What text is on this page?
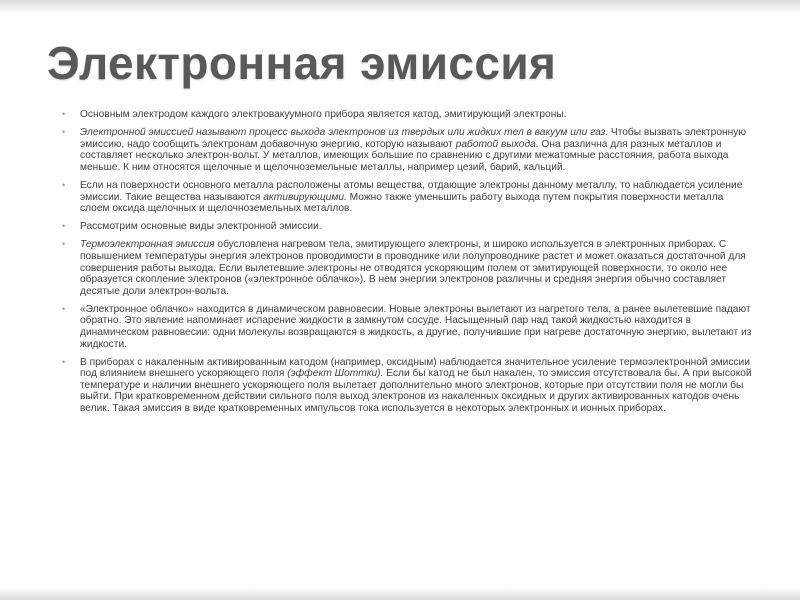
Электронная эмиссия
• Основным электродом каждого электровакуумного прибора является катод, эмитирующий электроны.
• Электронной эмиссией называют процесс выхода электронов из твердых или жидких тел в вакуум или газ. Чтобы вызвать электронную эмиссию, надо сообщить электронам добавочную энергию, которую называют работой выхода. Она различна для разных металлов и составляет несколько электрон-вольт. У металлов, имеющих большие по сравнению с другими межатомные расстояния, работа выхода меньше. К ним относятся щелочные и щелочноземельные металлы, например цезий, барий, кальций.
• Если на поверхности основного металла расположены атомы вещества, отдающие электроны данному металлу, то наблюдается усиление эмиссии. Такие вещества называются активирующими. Можно также уменьшить работу выхода путем покрытия поверхности металла слоем оксида щелочных и щелочноземельных металлов.
• Рассмотрим основные виды электронной эмиссии.
• Термоэлектронная эмиссия обусловлена нагревом тела, эмитирующего электроны, и широко используется в электронных приборах. С повышением температуры энергия электронов проводимости в проводнике или полупроводнике растет и может оказаться достаточной для совершения работы выхода. Если вылетевшие электроны не отводятся ускоряющим полем от эмитирующей поверхности, то около нее образуется скопление электронов («электронное облачко»). В нем энергии электронов различны и средняя энергия обычно составляет десятые доли электрон-вольта.
• «Электронное облачко» находится в динамическом равновесии. Новые электроны вылетают из нагретого тела, а ранее вылетевшие падают обратно. Это явление напоминает испарение жидкости в замкнутом сосуде. Насыщенный пар над такой жидкостью находится в динамическом равновесии: одни молекулы возвращаются в жидкость, а другие, получившие при нагреве достаточную энергию, вылетают из жидкости.
• В приборах с накаленным активированным катодом (например, оксидным) наблюдается значительное усиление термоэлектронной эмиссии под влиянием внешнего ускоряющего поля (эффект Шоттки). Если бы катод не был накален, то эмиссия отсутствовала бы. А при высокой температуре и наличии внешнего ускоряющего поля вылетает дополнительно много электронов, которые при отсутствии поля не могли бы выйти. При кратковременном действии сильного поля выход электронов из накаленных оксидных и других активированных катодов очень велик. Такая эмиссия в виде кратковременных импульсов тока используется в некоторых электронных и ионных приборах.
